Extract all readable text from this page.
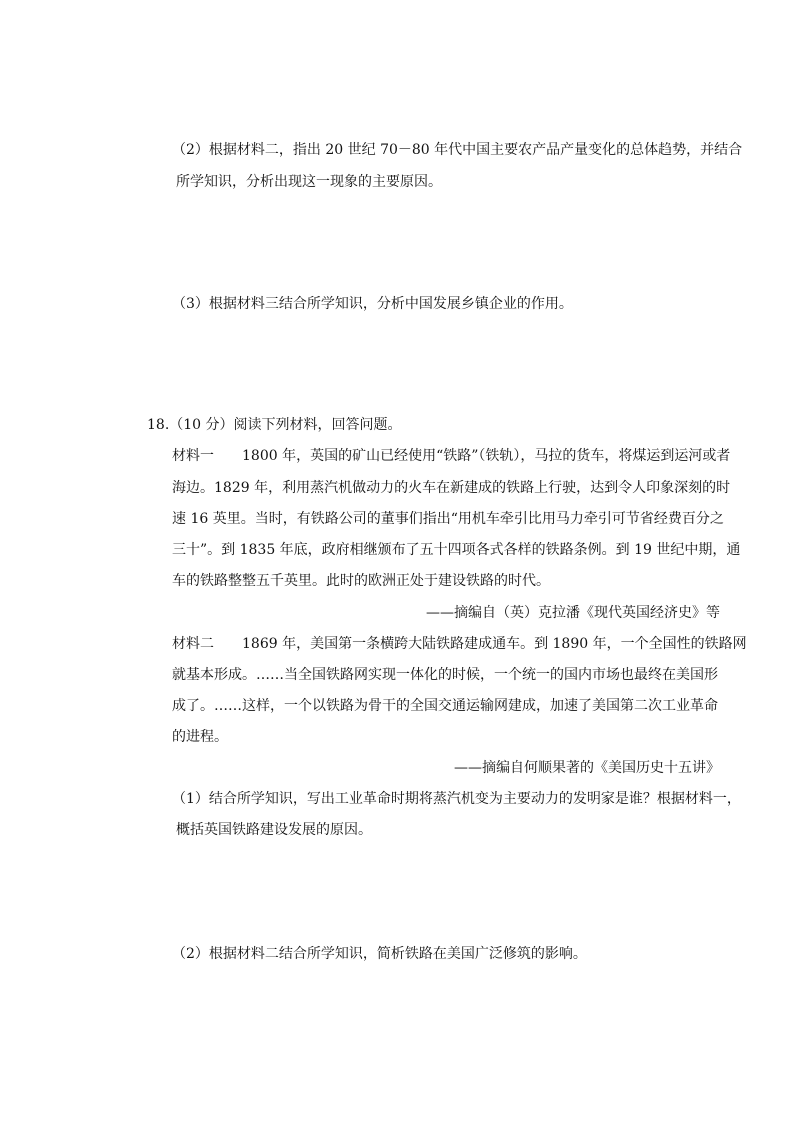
（2）根据材料二，指出 20 世纪 70－80 年代中国主要农产品产量变化的总体趋势，并结合
所学知识，分析出现这一现象的主要原因。
（3）根据材料三结合所学知识，分析中国发展乡镇企业的作用。
18.（10 分）阅读下列材料，回答问题。
材料一　　1800 年，英国的矿山已经使用“铁路”（铁轨），马拉的货车，将煤运到运河或者
海边。1829 年，利用蒸汽机做动力的火车在新建成的铁路上行驶，达到令人印象深刻的时
速 16 英里。当时，有铁路公司的董事们指出“用机车牵引比用马力牵引可节省经费百分之
三十”。到 1835 年底，政府相继颁布了五十四项各式各样的铁路条例。到 19 世纪中期，通
车的铁路整整五千英里。此时的欧洲正处于建设铁路的时代。
——摘编自（英）克拉潘《现代英国经济史》等
材料二　　1869 年，美国第一条横跨大陆铁路建成通车。到 1890 年，一个全国性的铁路网
就基本形成。……当全国铁路网实现一体化的时候，一个统一的国内市场也最终在美国形
成了。……这样，一个以铁路为骨干的全国交通运输网建成，加速了美国第二次工业革命
的进程。
——摘编自何顺果著的《美国历史十五讲》
（1）结合所学知识，写出工业革命时期将蒸汽机变为主要动力的发明家是谁？根据材料一，
概括英国铁路建设发展的原因。
（2）根据材料二结合所学知识，简析铁路在美国广泛修筑的影响。
